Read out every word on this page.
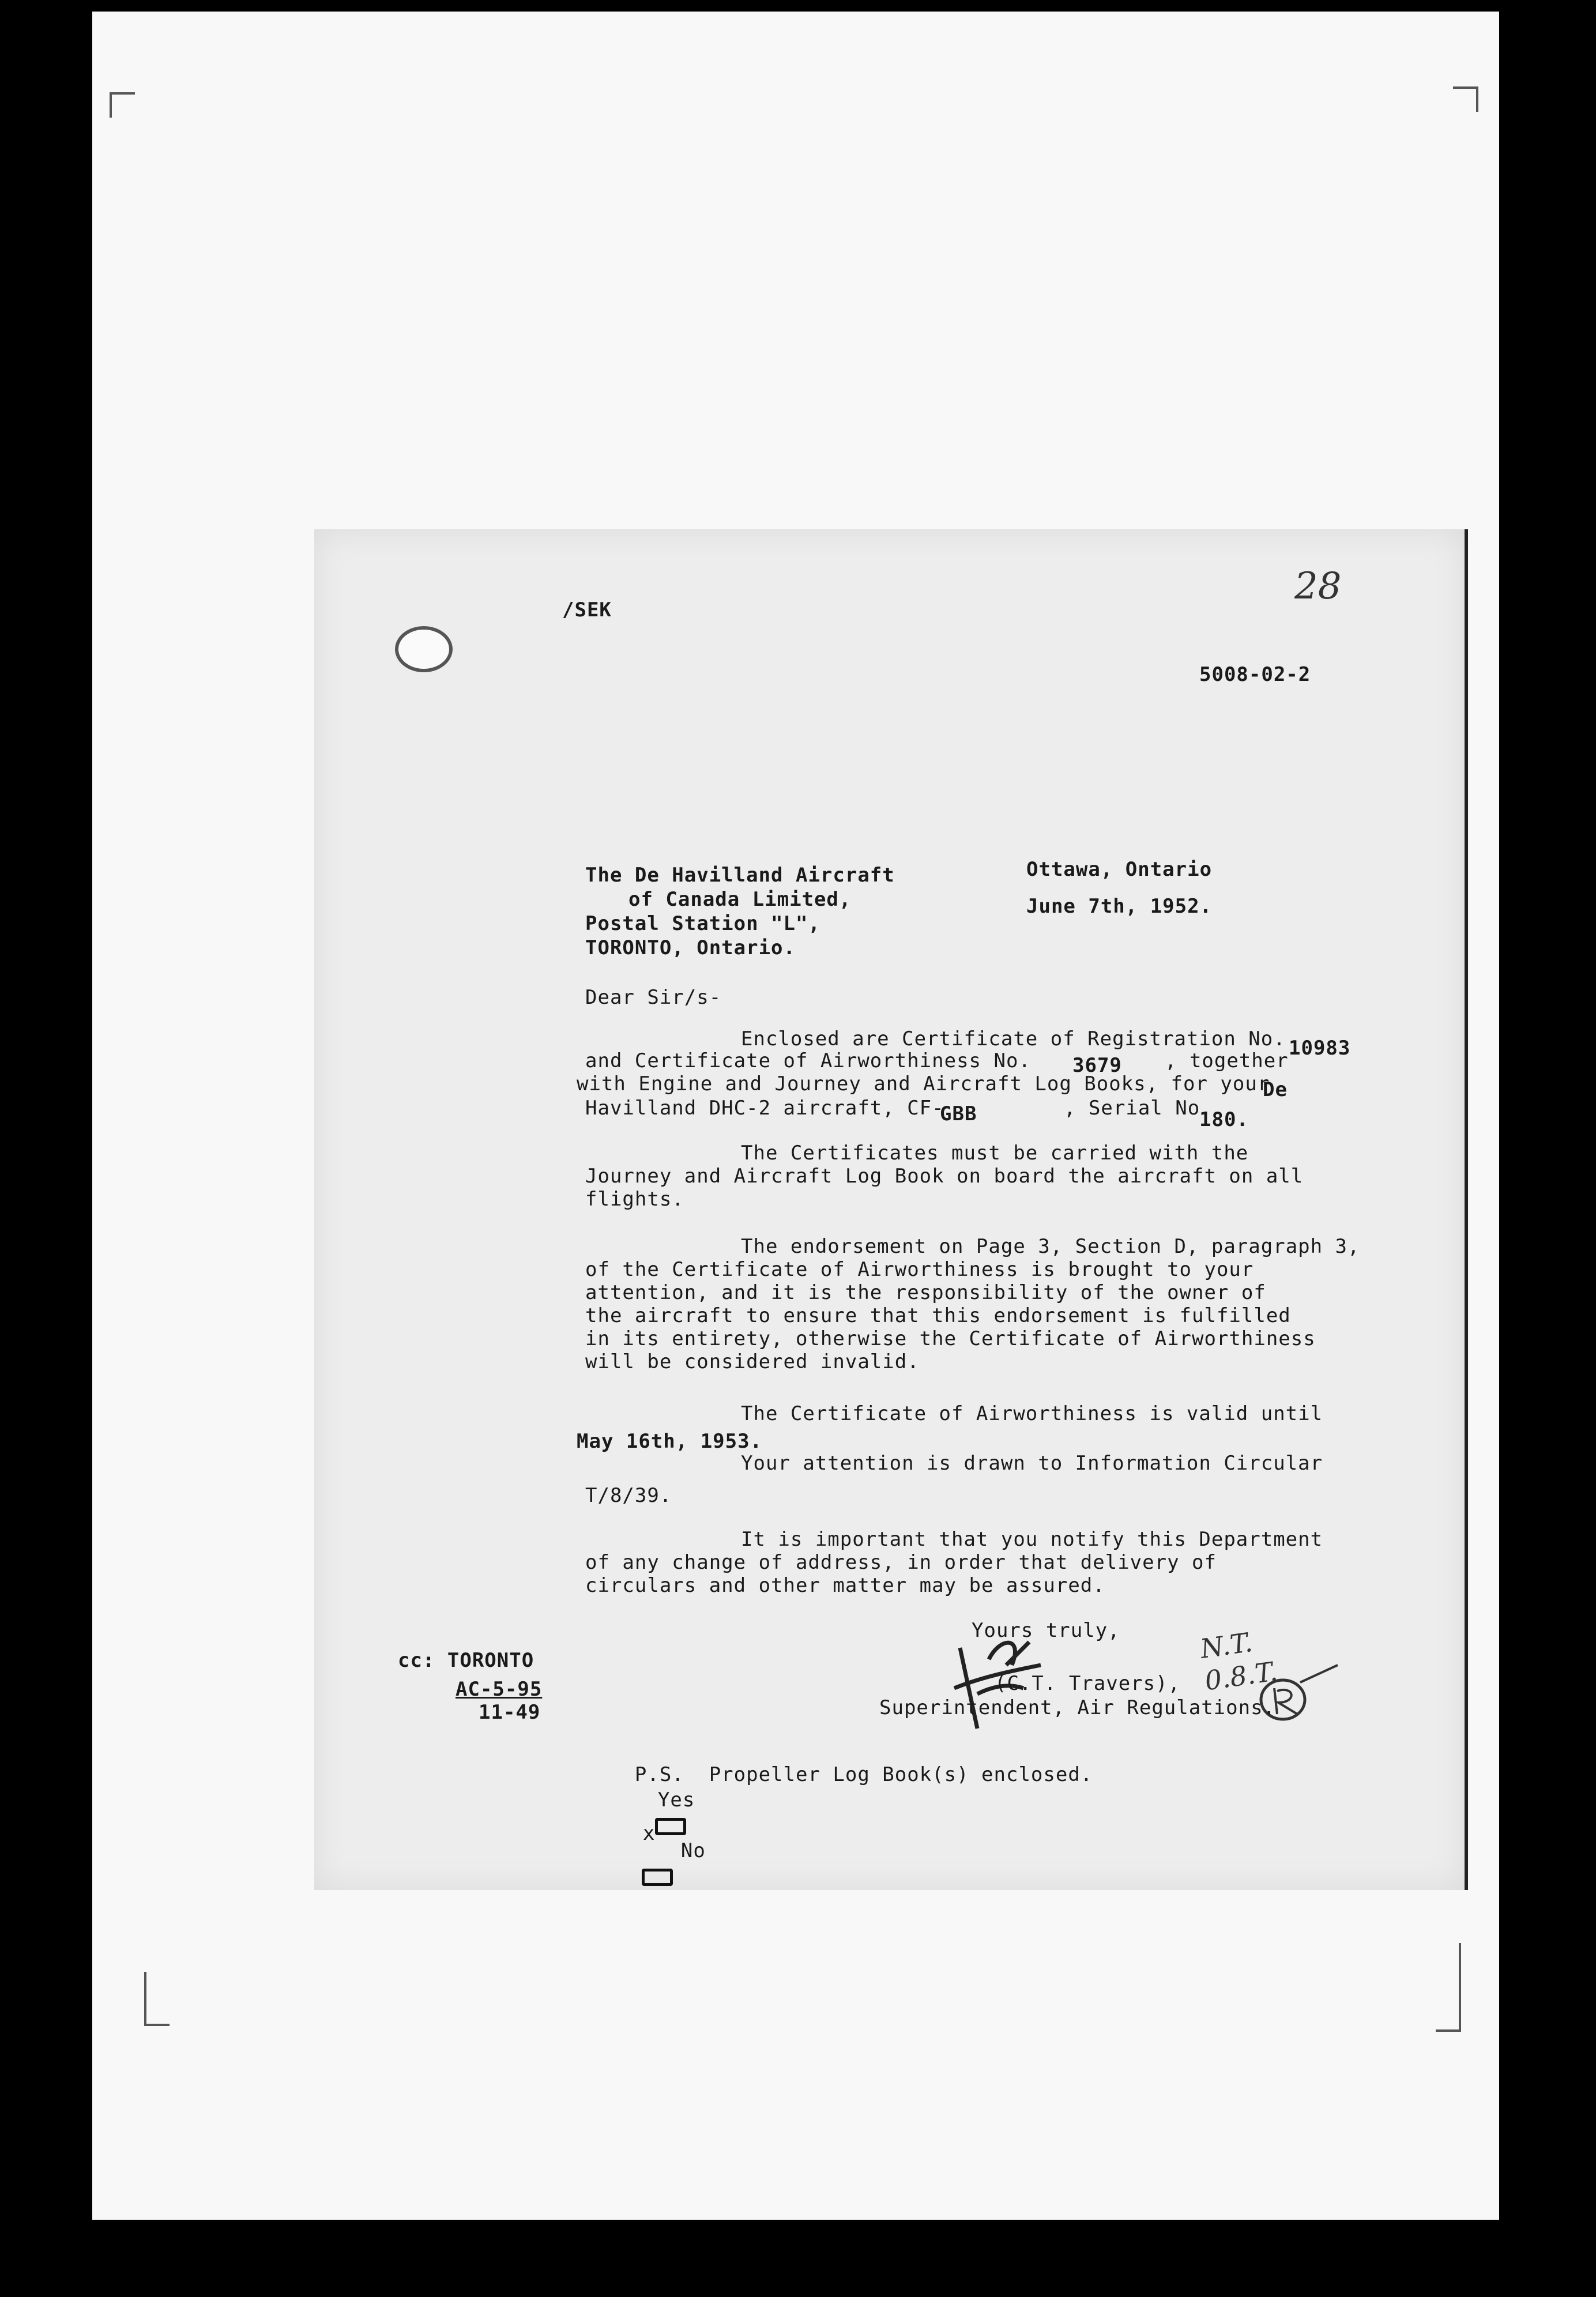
28
/SEK
5008-02-2
The De Havilland Aircraft
of Canada Limited,
Postal Station "L",
TORONTO, Ontario.
Ottawa, Ontario
June 7th, 1952.
Dear Sir/s-
Enclosed are Certificate of Registration No.
and Certificate of Airworthiness No. 3679 , together
10983
with Engine and Journey and Aircraft Log Books, for your
De
Havilland DHC-2 aircraft, CF-
GBB	, Serial No.
180.
The Certificates must be carried with the
Journey and Aircraft Log Book on board the aircraft on all
flights.
The endorsement on Page 3, Section D, paragraph 3,
of the Certificate of Airworthiness is brought to your
attention, and it is the responsibility of the owner of
the aircraft to ensure that this endorsement is fulfilled
in its entirety, otherwise the Certificate of Airworthiness
will be considered invalid.
The Certificate of Airworthiness is valid until
May 16th, 1953.
Your attention is drawn to Information Circular
T/8/39.
It is important that you notify this Department
of any change of address, in order that delivery of
circulars and other matter may be assured.
Yours truly,	N.T. 0.8.T.
(C.T. Travers),
Superintendent, Air Regulations.
cc: TORONTO
AC-5-95
11-49

P.S.  Propeller Log Book(s) enclosed.
Yes
x
No
